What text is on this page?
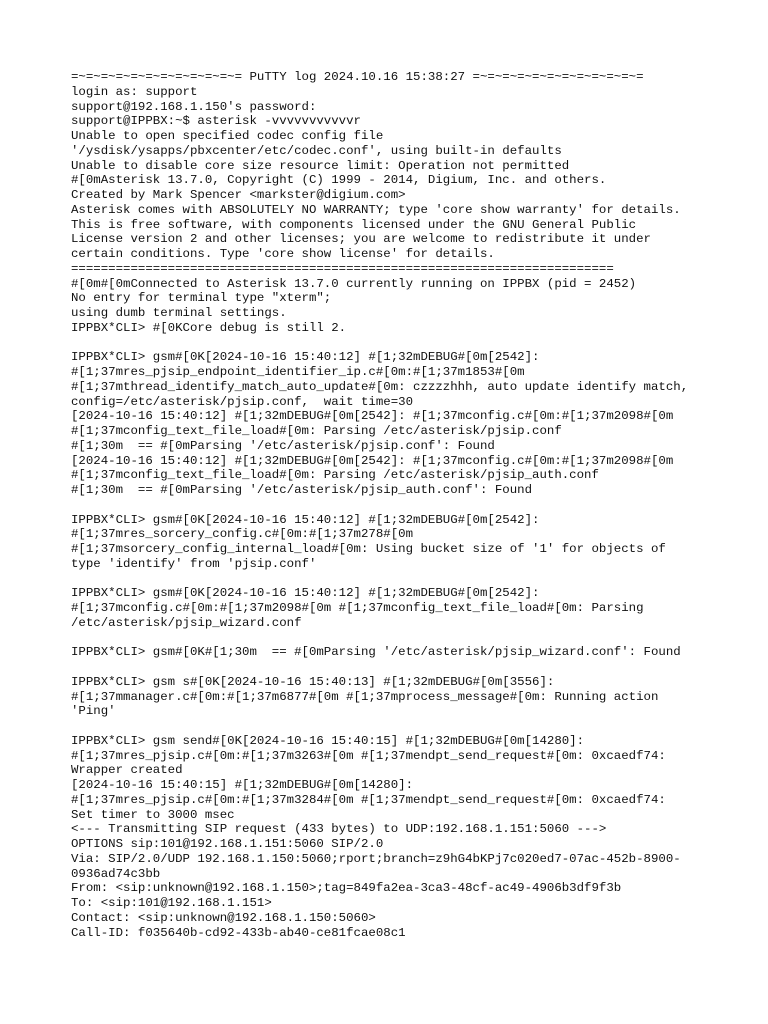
=~=~=~=~=~=~=~=~=~=~=~= PuTTY log 2024.10.16 15:38:27 =~=~=~=~=~=~=~=~=~=~=~=
login as: support
support@192.168.1.150's password:
support@IPPBX:~$ asterisk -vvvvvvvvvvvr
Unable to open specified codec config file
'/ysdisk/ysapps/pbxcenter/etc/codec.conf', using built-in defaults
Unable to disable core size resource limit: Operation not permitted
#[0mAsterisk 13.7.0, Copyright (C) 1999 - 2014, Digium, Inc. and others.
Created by Mark Spencer <markster@digium.com>
Asterisk comes with ABSOLUTELY NO WARRANTY; type 'core show warranty' for details.
This is free software, with components licensed under the GNU General Public
License version 2 and other licenses; you are welcome to redistribute it under
certain conditions. Type 'core show license' for details.
=========================================================================
#[0m#[0mConnected to Asterisk 13.7.0 currently running on IPPBX (pid = 2452)
No entry for terminal type "xterm";
using dumb terminal settings.
IPPBX*CLI> #[0KCore debug is still 2.
IPPBX*CLI> gsm#[0K[2024-10-16 15:40:12] #[1;32mDEBUG#[0m[2542]:
#[1;37mres_pjsip_endpoint_identifier_ip.c#[0m:#[1;37m1853#[0m
#[1;37mthread_identify_match_auto_update#[0m: czzzzhhh, auto update identify match,
config=/etc/asterisk/pjsip.conf,  wait time=30
[2024-10-16 15:40:12] #[1;32mDEBUG#[0m[2542]: #[1;37mconfig.c#[0m:#[1;37m2098#[0m
#[1;37mconfig_text_file_load#[0m: Parsing /etc/asterisk/pjsip.conf
#[1;30m  == #[0mParsing '/etc/asterisk/pjsip.conf': Found
[2024-10-16 15:40:12] #[1;32mDEBUG#[0m[2542]: #[1;37mconfig.c#[0m:#[1;37m2098#[0m
#[1;37mconfig_text_file_load#[0m: Parsing /etc/asterisk/pjsip_auth.conf
#[1;30m  == #[0mParsing '/etc/asterisk/pjsip_auth.conf': Found
IPPBX*CLI> gsm#[0K[2024-10-16 15:40:12] #[1;32mDEBUG#[0m[2542]:
#[1;37mres_sorcery_config.c#[0m:#[1;37m278#[0m
#[1;37msorcery_config_internal_load#[0m: Using bucket size of '1' for objects of
type 'identify' from 'pjsip.conf'
IPPBX*CLI> gsm#[0K[2024-10-16 15:40:12] #[1;32mDEBUG#[0m[2542]:
#[1;37mconfig.c#[0m:#[1;37m2098#[0m #[1;37mconfig_text_file_load#[0m: Parsing
/etc/asterisk/pjsip_wizard.conf
IPPBX*CLI> gsm#[0K#[1;30m  == #[0mParsing '/etc/asterisk/pjsip_wizard.conf': Found
IPPBX*CLI> gsm s#[0K[2024-10-16 15:40:13] #[1;32mDEBUG#[0m[3556]:
#[1;37mmanager.c#[0m:#[1;37m6877#[0m #[1;37mprocess_message#[0m: Running action
'Ping'
IPPBX*CLI> gsm send#[0K[2024-10-16 15:40:15] #[1;32mDEBUG#[0m[14280]:
#[1;37mres_pjsip.c#[0m:#[1;37m3263#[0m #[1;37mendpt_send_request#[0m: 0xcaedf74:
Wrapper created
[2024-10-16 15:40:15] #[1;32mDEBUG#[0m[14280]:
#[1;37mres_pjsip.c#[0m:#[1;37m3284#[0m #[1;37mendpt_send_request#[0m: 0xcaedf74:
Set timer to 3000 msec
<--- Transmitting SIP request (433 bytes) to UDP:192.168.1.151:5060 --->
OPTIONS sip:101@192.168.1.151:5060 SIP/2.0
Via: SIP/2.0/UDP 192.168.1.150:5060;rport;branch=z9hG4bKPj7c020ed7-07ac-452b-8900-
0936ad74c3bb
From: <sip:unknown@192.168.1.150>;tag=849fa2ea-3ca3-48cf-ac49-4906b3df9f3b
To: <sip:101@192.168.1.151>
Contact: <sip:unknown@192.168.1.150:5060>
Call-ID: f035640b-cd92-433b-ab40-ce81fcae08c1
